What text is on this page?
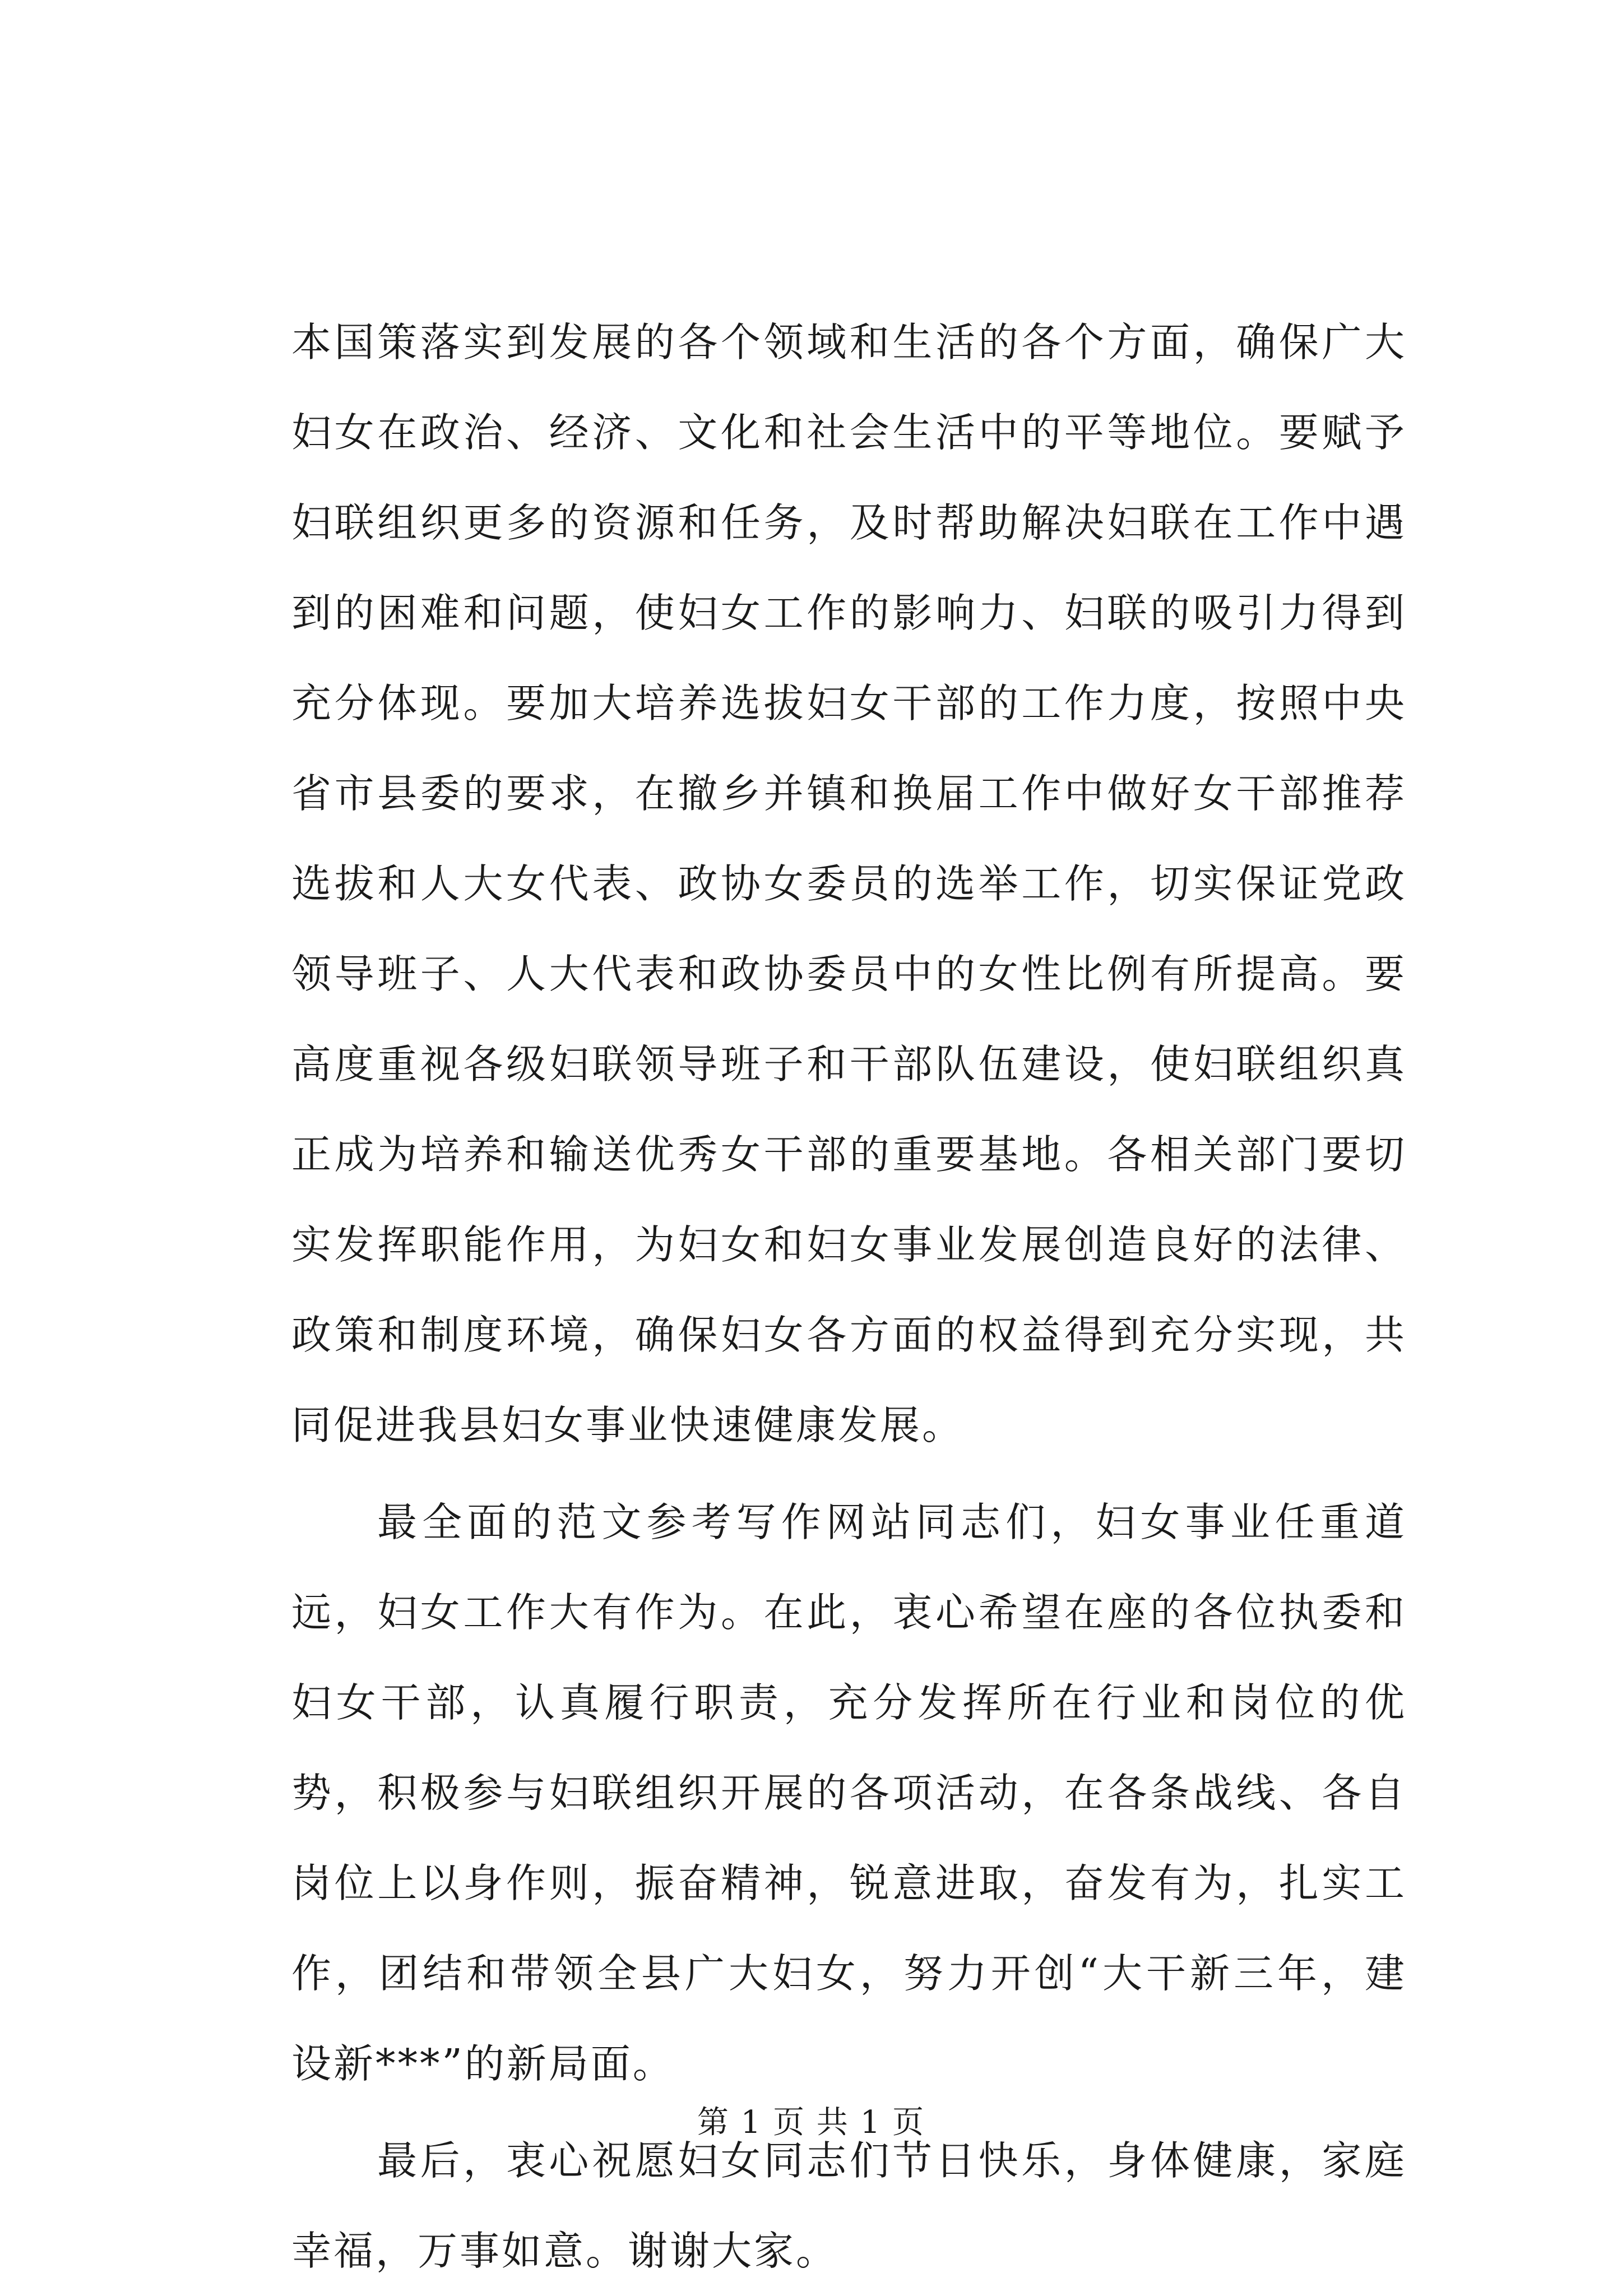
本国策落实到发展的各个领域和生活的各个方面，确保广大妇女在政治、经济、文化和社会生活中的平等地位。要赋予妇联组织更多的资源和任务，及时帮助解决妇联在工作中遇到的困难和问题，使妇女工作的影响力、妇联的吸引力得到充分体现。要加大培养选拔妇女干部的工作力度，按照中央省市县委的要求，在撤乡并镇和换届工作中做好女干部推荐选拔和人大女代表、政协女委员的选举工作，切实保证党政领导班子、人大代表和政协委员中的女性比例有所提高。要高度重视各级妇联领导班子和干部队伍建设，使妇联组织真正成为培养和输送优秀女干部的重要基地。各相关部门要切实发挥职能作用，为妇女和妇女事业发展创造良好的法律、政策和制度环境，确保妇女各方面的权益得到充分实现，共同促进我县妇女事业快速健康发展。

最全面的范文参考写作网站同志们，妇女事业任重道远，妇女工作大有作为。在此，衷心希望在座的各位执委和妇女干部，认真履行职责，充分发挥所在行业和岗位的优势，积极参与妇联组织开展的各项活动，在各条战线、各自岗位上以身作则，振奋精神，锐意进取，奋发有为，扎实工作，团结和带领全县广大妇女，努力开创“大干新三年，建设新***”的新局面。

最后，衷心祝愿妇女同志们节日快乐，身体健康，家庭幸福，万事如意。谢谢大家。

第 1 页 共 1 页
